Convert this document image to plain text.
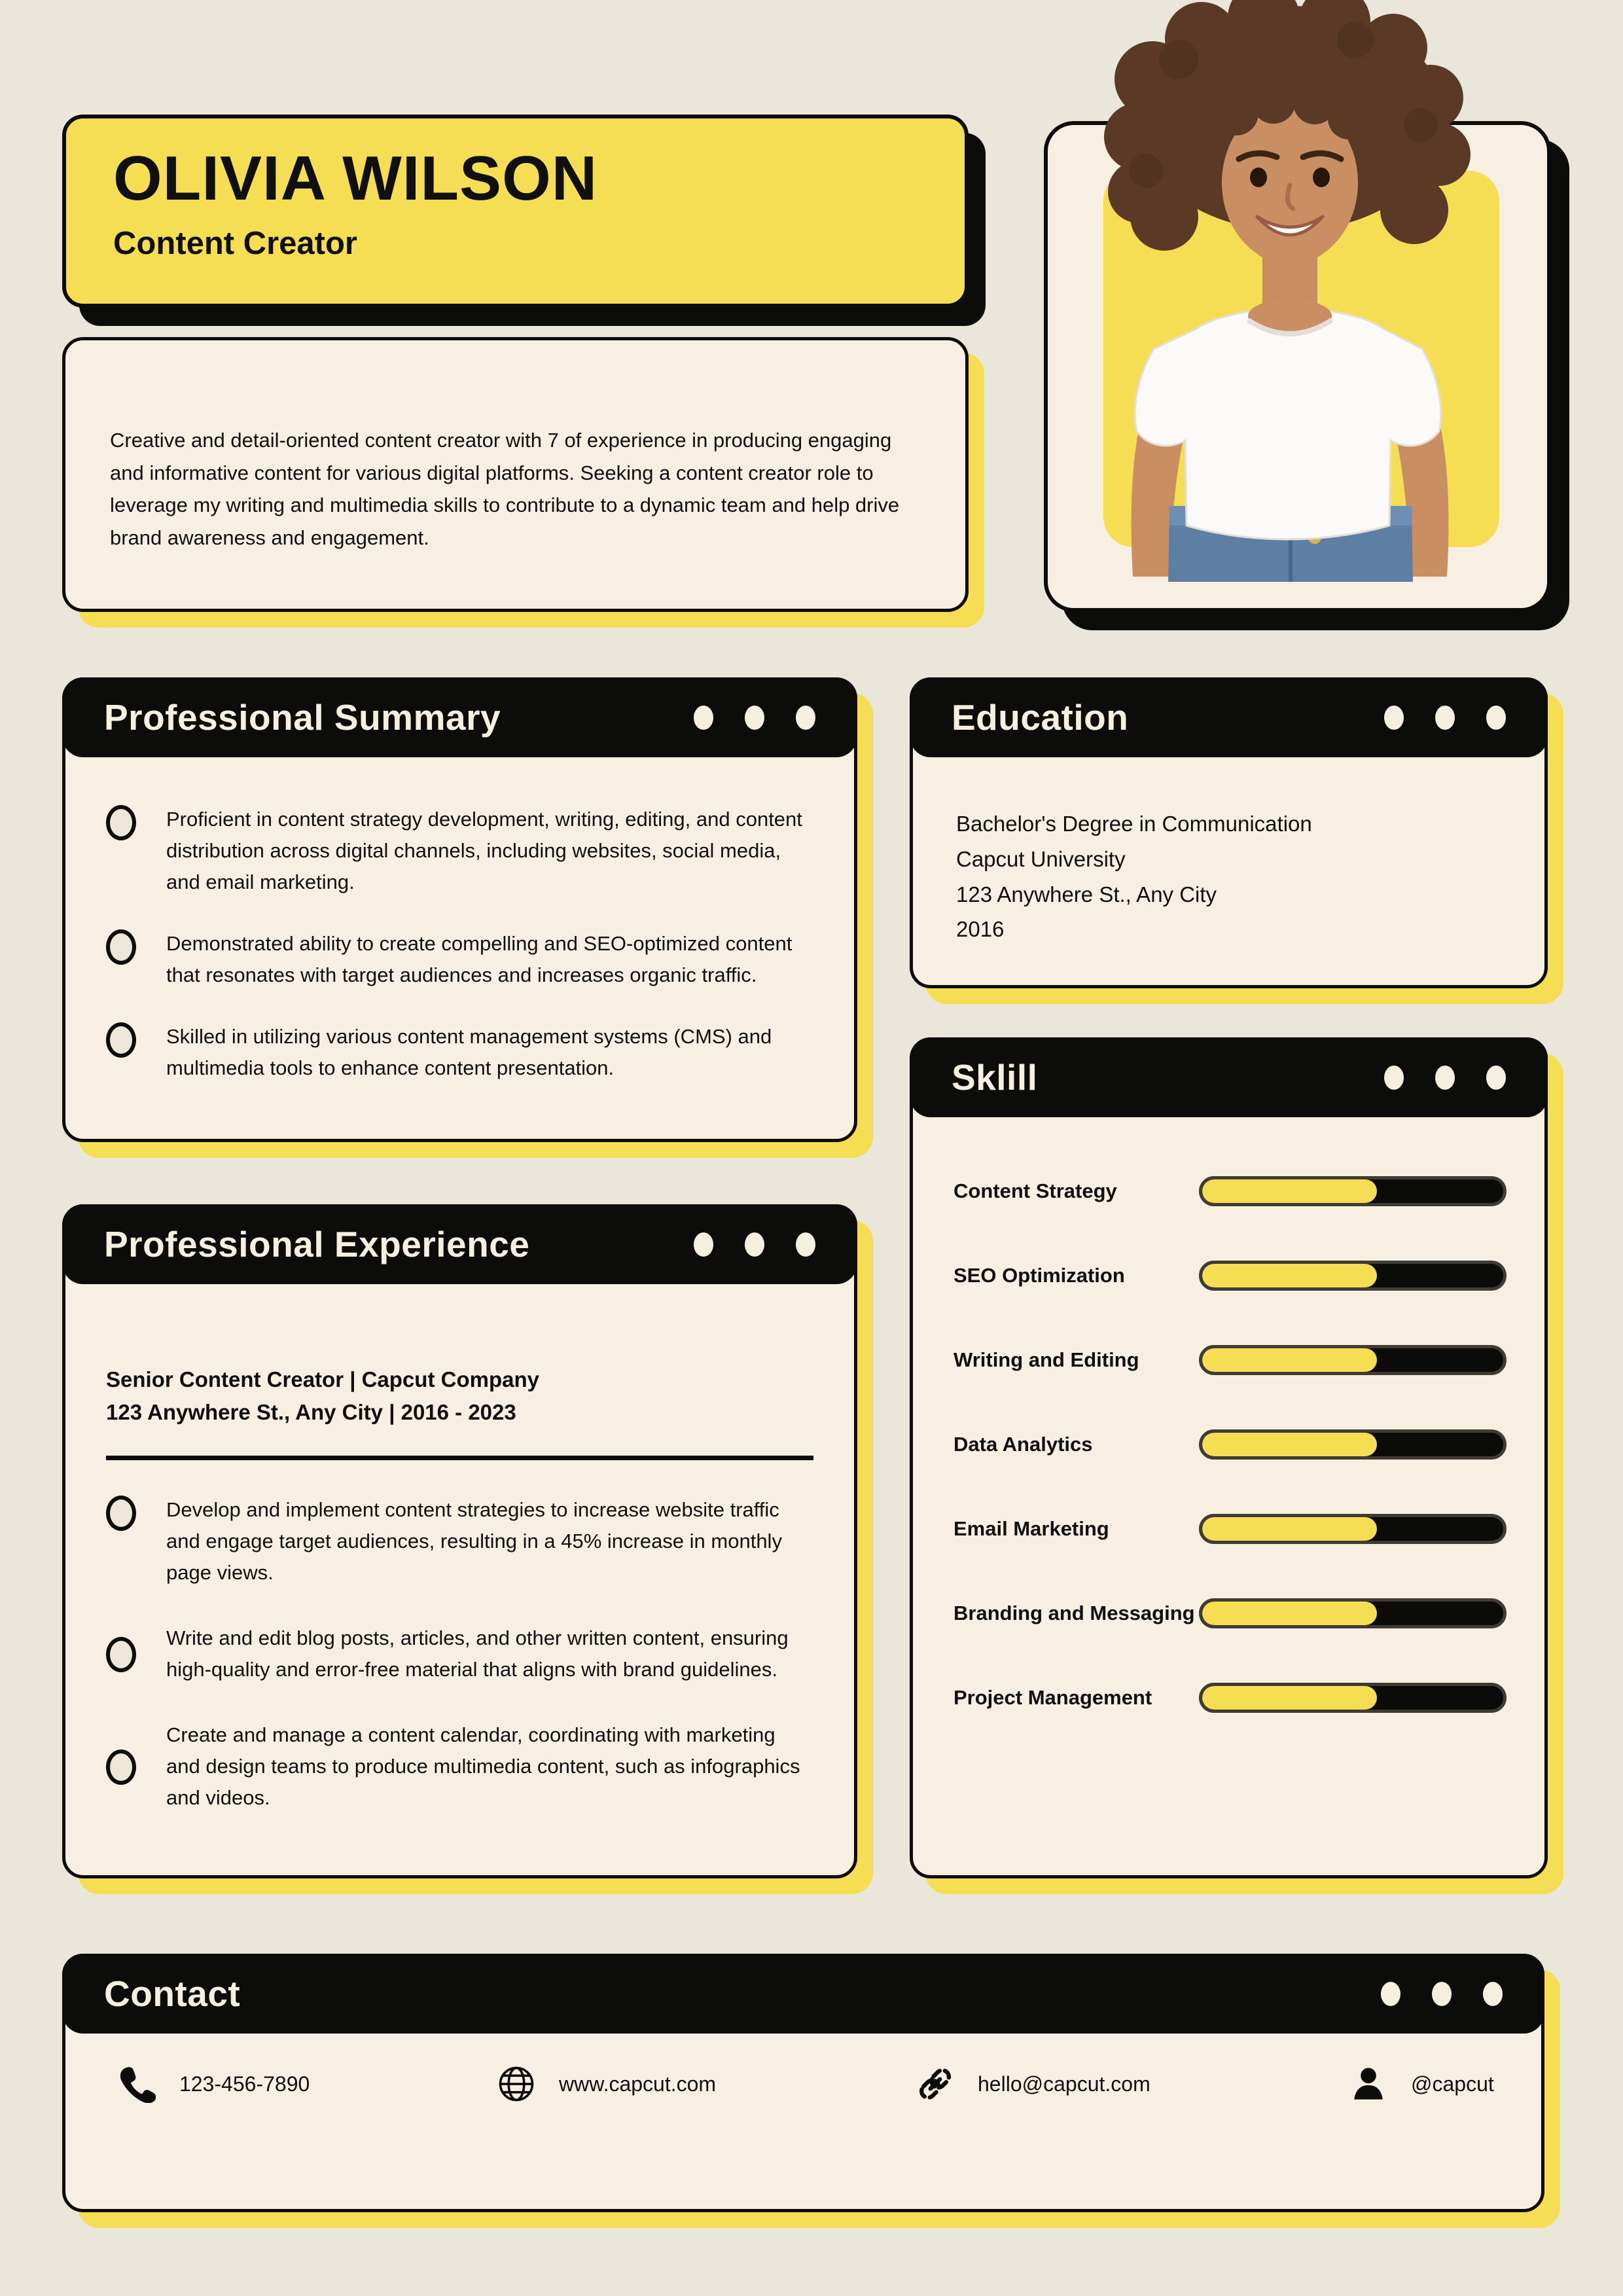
OLIVIA WILSON
Content Creator

Creative and detail-oriented content creator with 7 of experience in producing engaging and informative content for various digital platforms. Seeking a content creator role to leverage my writing and multimedia skills to contribute to a dynamic team and help drive brand awareness and engagement.

Professional Summary

Proficient in content strategy development, writing, editing, and content distribution across digital channels, including websites, social media, and email marketing.

Demonstrated ability to create compelling and SEO-optimized content that resonates with target audiences and increases organic traffic.

Skilled in utilizing various content management systems (CMS) and multimedia tools to enhance content presentation.

Education
Bachelor's Degree in Communication
Capcut University
123 Anywhere St., Any City
2016
Sklill
Content Strategy
SEO Optimization
Writing and Editing
Data Analytics
Email Marketing
Branding and Messaging
Project Management
Professional Experience

Senior Content Creator | Capcut Company

123 Anywhere St., Any City | 2016 - 2023

Develop and implement content strategies to increase website traffic and engage target audiences, resulting in a 45% increase in monthly page views.

Write and edit blog posts, articles, and other written content, ensuring high-quality and error-free material that aligns with brand guidelines.

Create and manage a content calendar, coordinating with marketing and design teams to produce multimedia content, such as infographics and videos.

Contact
123-456-7890	www.capcut.com	hello@capcut.com	@capcut
